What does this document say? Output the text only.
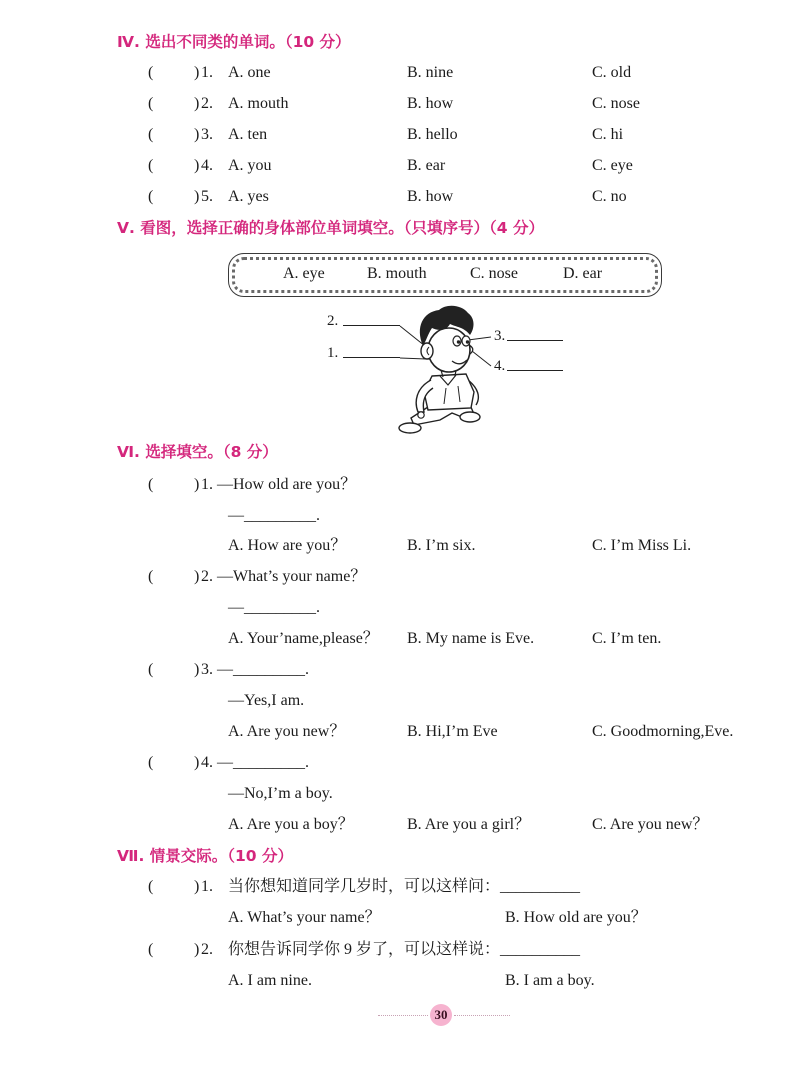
Ⅳ. 选出不同类的单词。（10 分）
(	) 1. A. one	B. nine	C. old
(	) 2. A. mouth	B. how	C. nose
(	) 3. A. ten	B. hello	C. hi
(	) 4. A. you	B. ear	C. eye
(	) 5. A. yes	B. how	C. no
Ⅴ. 看图，选择正确的身体部位单词填空。（只填序号）（4 分）
A. eye	B. mouth	C. nose	D. ear
2.
1.
3.
4.
Ⅵ. 选择填空。（8 分）
(	) 1. —How old are you？
—_________.
A. How are you？	B. I’m six.	C. I’m Miss Li.
(	) 2. —What’s your name？
—_________.
A. Your’name,please？ B. My name is Eve.	C. I’m ten.
(	) 3. —_________.
—Yes,I am.
A. Are you new？	B. Hi,I’m Eve	C. Goodmorning,Eve.
(	) 4. —_________.
—No,I’m a boy.
A. Are you a boy？	B. Are you a girl？	C. Are you new？
Ⅶ. 情景交际。（10 分）
(	) 1. 当你想知道同学几岁时，可以这样问：__________
A. What’s your name？	B. How old are you？
(	) 2. 你想告诉同学你 9 岁了，可以这样说：__________
A. I am nine.	B. I am a boy.
30
